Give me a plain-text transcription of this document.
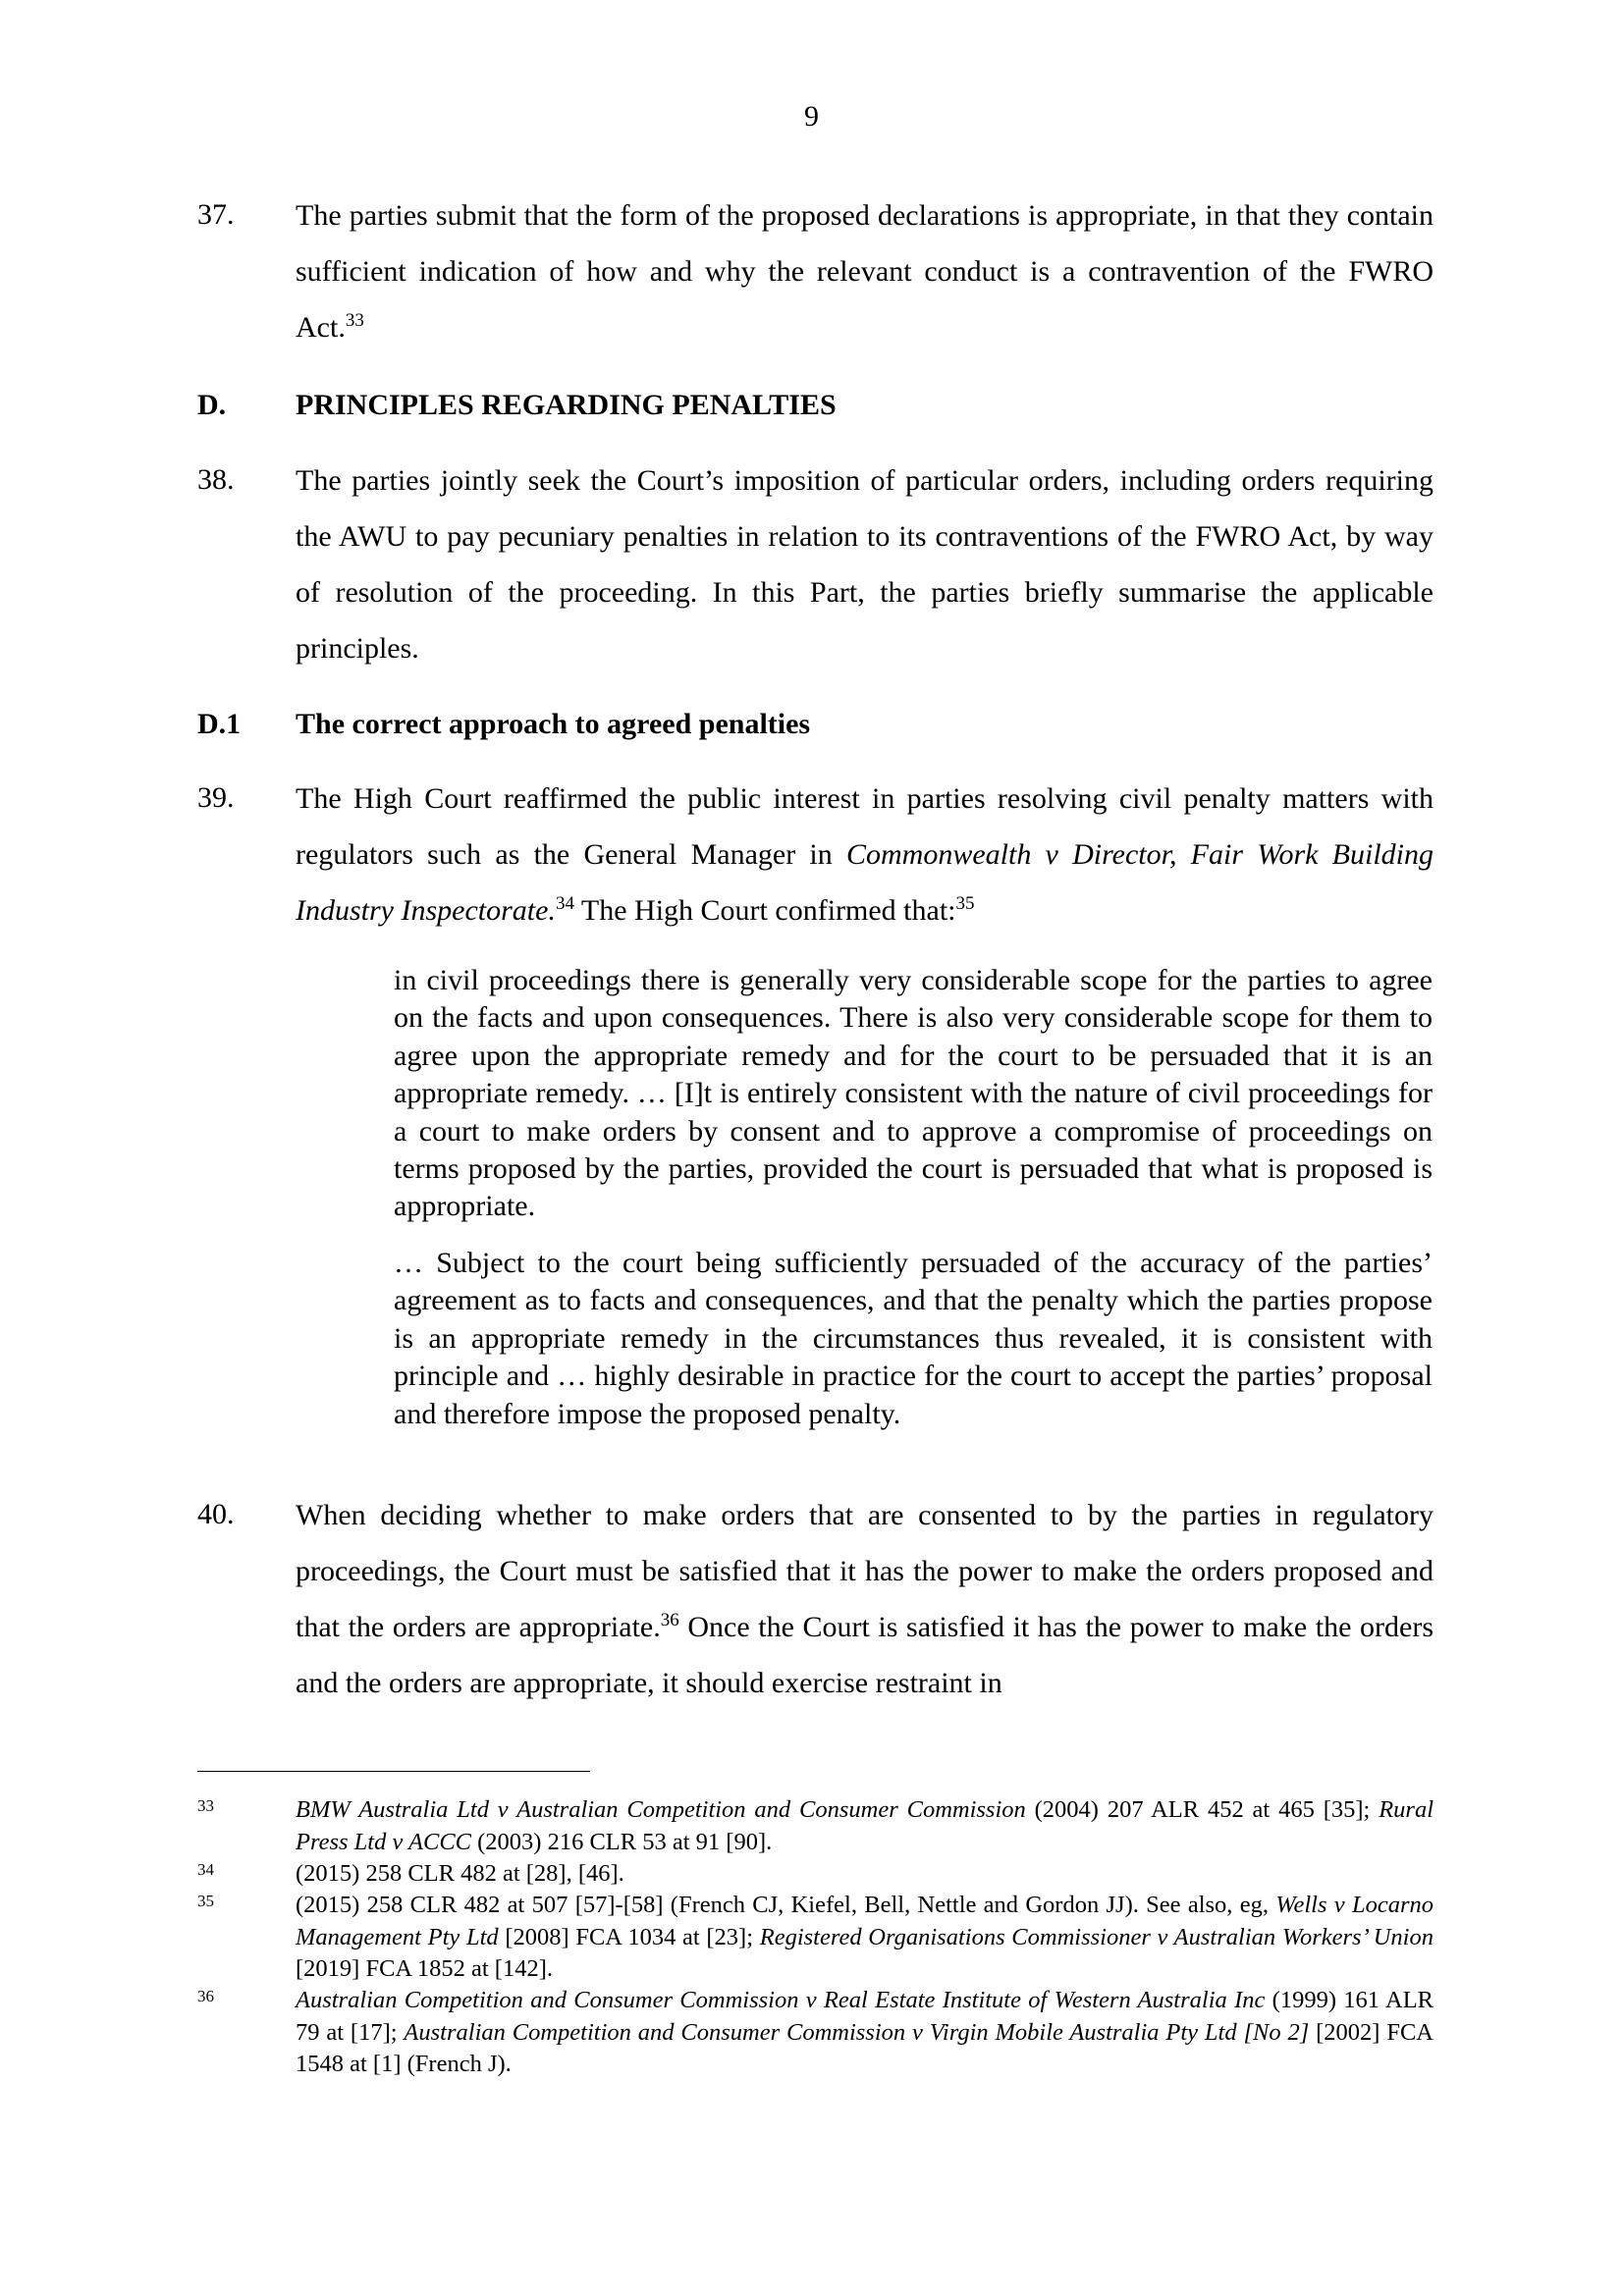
9
37. The parties submit that the form of the proposed declarations is appropriate, in that they contain sufficient indication of how and why the relevant conduct is a contravention of the FWRO Act.$^{33}$
D. PRINCIPLES REGARDING PENALTIES
38. The parties jointly seek the Court’s imposition of particular orders, including orders requiring the AWU to pay pecuniary penalties in relation to its contraventions of the FWRO Act, by way of resolution of the proceeding. In this Part, the parties briefly summarise the applicable principles.
D.1 The correct approach to agreed penalties
39. The High Court reaffirmed the public interest in parties resolving civil penalty matters with regulators such as the General Manager in Commonwealth v Director, Fair Work Building Industry Inspectorate.$^{34}$ The High Court confirmed that:$^{35}$
in civil proceedings there is generally very considerable scope for the parties to agree on the facts and upon consequences. There is also very considerable scope for them to agree upon the appropriate remedy and for the court to be persuaded that it is an appropriate remedy. … [I]t is entirely consistent with the nature of civil proceedings for a court to make orders by consent and to approve a compromise of proceedings on terms proposed by the parties, provided the court is persuaded that what is proposed is appropriate.
… Subject to the court being sufficiently persuaded of the accuracy of the parties’ agreement as to facts and consequences, and that the penalty which the parties propose is an appropriate remedy in the circumstances thus revealed, it is consistent with principle and … highly desirable in practice for the court to accept the parties’ proposal and therefore impose the proposed penalty.
40. When deciding whether to make orders that are consented to by the parties in regulatory proceedings, the Court must be satisfied that it has the power to make the orders proposed and that the orders are appropriate.$^{36}$ Once the Court is satisfied it has the power to make the orders and the orders are appropriate, it should exercise restraint in
33	BMW Australia Ltd v Australian Competition and Consumer Commission (2004) 207 ALR 452 at 465 [35]; Rural Press Ltd v ACCC (2003) 216 CLR 53 at 91 [90].
34	(2015) 258 CLR 482 at [28], [46].
35	(2015) 258 CLR 482 at 507 [57]-[58] (French CJ, Kiefel, Bell, Nettle and Gordon JJ). See also, eg, Wells v Locarno Management Pty Ltd [2008] FCA 1034 at [23]; Registered Organisations Commissioner v Australian Workers’ Union [2019] FCA 1852 at [142].
36	Australian Competition and Consumer Commission v Real Estate Institute of Western Australia Inc (1999) 161 ALR 79 at [17]; Australian Competition and Consumer Commission v Virgin Mobile Australia Pty Ltd [No 2] [2002] FCA 1548 at [1] (French J).
